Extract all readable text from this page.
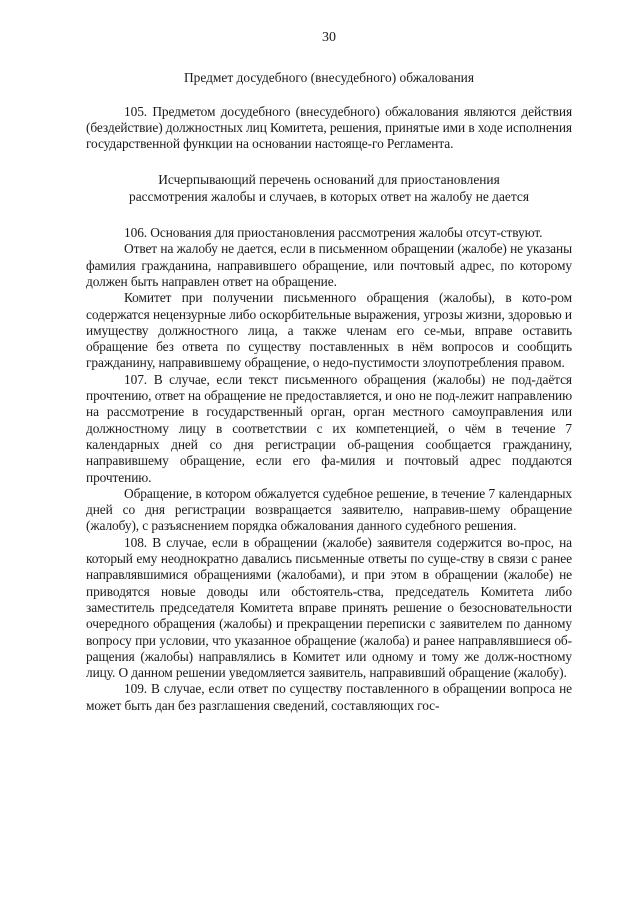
30
Предмет досудебного (внесудебного) обжалования

105. Предметом досудебного (внесудебного) обжалования являются действия (бездействие) должностных лиц Комитета, решения, принятые ими в ходе исполнения государственной функции на основании настояще-го Регламента.

Исчерпывающий перечень оснований для приостановления
рассмотрения жалобы и случаев, в которых ответ на жалобу не дается

106. Основания для приостановления рассмотрения жалобы отсут-ствуют.

Ответ на жалобу не дается, если в письменном обращении (жалобе) не указаны фамилия гражданина, направившего обращение, или почтовый адрес, по которому должен быть направлен ответ на обращение.

Комитет при получении письменного обращения (жалобы), в кото-ром содержатся нецензурные либо оскорбительные выражения, угрозы жизни, здоровью и имуществу должностного лица, а также членам его се-мьи, вправе оставить обращение без ответа по существу поставленных в нём вопросов и сообщить гражданину, направившему обращение, о недо-пустимости злоупотребления правом.

107. В случае, если текст письменного обращения (жалобы) не под-даётся прочтению, ответ на обращение не предоставляется, и оно не под-лежит направлению на рассмотрение в государственный орган, орган местного самоуправления или должностному лицу в соответствии с их компетенцией, о чём в течение 7 календарных дней со дня регистрации об-ращения сообщается гражданину, направившему обращение, если его фа-милия и почтовый адрес поддаются прочтению.

Обращение, в котором обжалуется судебное решение, в течение 7 календарных дней со дня регистрации возвращается заявителю, направив-шему обращение (жалобу), с разъяснением порядка обжалования данного судебного решения.

108. В случае, если в обращении (жалобе) заявителя содержится во-прос, на который ему неоднократно давались письменные ответы по суще-ству в связи с ранее направлявшимися обращениями (жалобами), и при этом в обращении (жалобе) не приводятся новые доводы или обстоятель-ства, председатель Комитета либо заместитель председателя Комитета вправе принять решение о безосновательности очередного обращения (жалобы) и прекращении переписки с заявителем по данному вопросу при условии, что указанное обращение (жалоба) и ранее направлявшиеся об-ращения (жалобы) направлялись в Комитет или одному и тому же долж-ностному лицу. О данном решении уведомляется заявитель, направивший обращение (жалобу).

109. В случае, если ответ по существу поставленного в обращении вопроса не может быть дан без разглашения сведений, составляющих гос-
